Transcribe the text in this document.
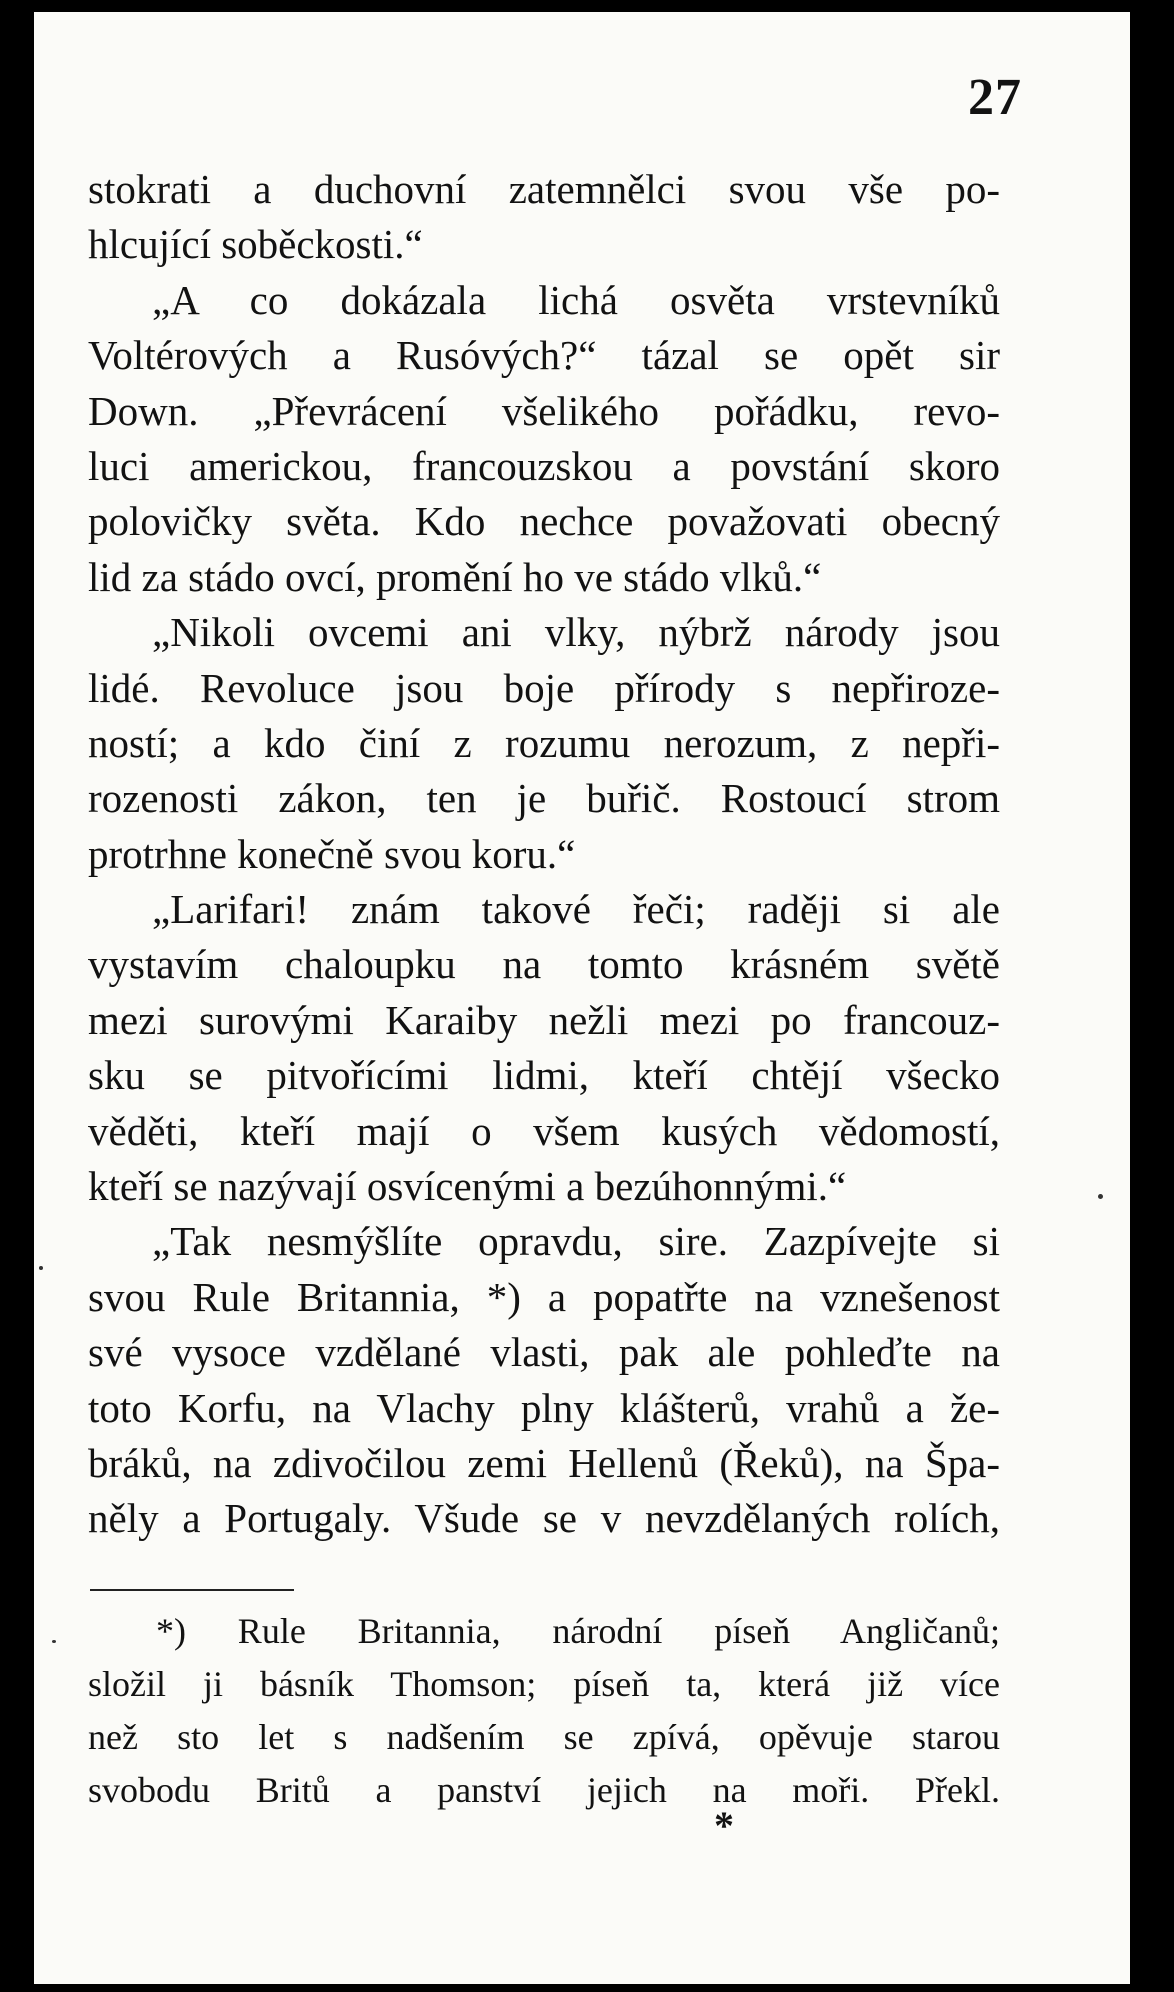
27
stokrati a duchovní zatemnělci svou vše po-
hlcující soběckosti.“
„A co dokázala lichá osvěta vrstevníků
Voltérových a Rusóvých?“ tázal se opět sir
Down. „Převrácení všelikého pořádku, revo-
luci americkou, francouzskou a povstání skoro
polovičky světa. Kdo nechce považovati obecný
lid za stádo ovcí, promění ho ve stádo vlků.“
„Nikoli ovcemi ani vlky, nýbrž národy jsou
lidé. Revoluce jsou boje přírody s nepřiroze-
ností; a kdo činí z rozumu nerozum, z nepři-
rozenosti zákon, ten je buřič. Rostoucí strom
protrhne konečně svou koru.“
„Larifari! znám takové řeči; raději si ale
vystavím chaloupku na tomto krásném světě
mezi surovými Karaiby nežli mezi po francouz-
sku se pitvořícími lidmi, kteří chtějí všecko
věděti, kteří mají o všem kusých vědomostí,
kteří se nazývají osvícenými a bezúhonnými.“
„Tak nesmýšlíte opravdu, sire. Zazpívejte si
svou Rule Britannia, *) a popatřte na vznešenost
své vysoce vzdělané vlasti, pak ale pohleďte na
toto Korfu, na Vlachy plny klášterů, vrahů a že-
bráků, na zdivočilou zemi Hellenů (Řeků), na Špa-
něly a Portugaly. Všude se v nevzdělaných rolích,
*) Rule Britannia, národní píseň Angličanů;
složil ji básník Thomson; píseň ta, která již více
než sto let s nadšením se zpívá, opěvuje starou
svobodu Britů a panství jejich na moři. Překl.
*
